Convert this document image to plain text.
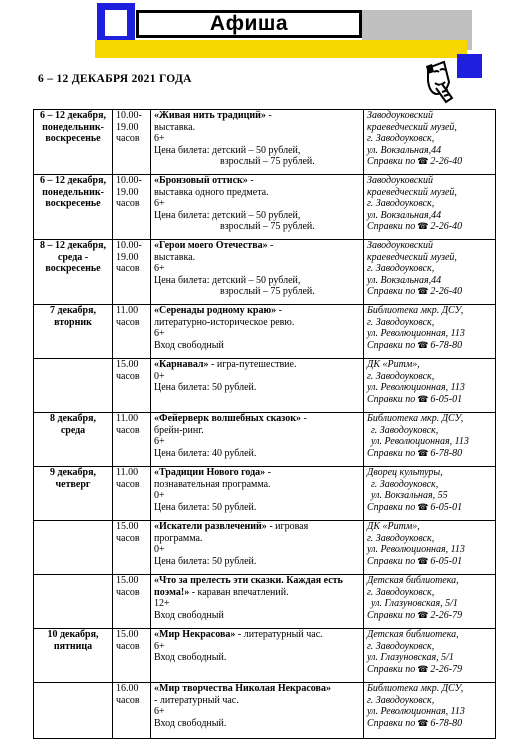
Афиша
6 – 12 ДЕКАБРЯ 2021 ГОДА
6 – 12 декабря, понедельник-воскресенье	10.00-
19.00
часов	«Живая нить традиций» -
выставка.
6+
Цена билета: детский – 50 рублей,
взрослый – 75 рублей.	Заводоуковский
краеведческий музей,
г. Заводоуковск,
ул. Вокзальная,44
Справки по ☎ 2-26-40

6 – 12 декабря, понедельник-воскресенье	10.00-
19.00
часов	«Бронзовый оттиск» -
выставка одного предмета.
6+
Цена билета: детский – 50 рублей,
взрослый – 75 рублей.	Заводоуковский
краеведческий музей,
г. Заводоуковск,
ул. Вокзальная,44
Справки по ☎ 2-26-40

8 – 12 декабря, среда - воскресенье	10.00-
19.00
часов	«Герои моего Отечества» -
выставка.
6+
Цена билета: детский – 50 рублей,
взрослый – 75 рублей.	Заводоуковский
краеведческий музей,
г. Заводоуковск,
ул. Вокзальная,44
Справки по ☎ 2-26-40

7 декабря, вторник	11.00
часов	«Серенады родному краю» -
литературно-историческое ревю.
6+
Вход свободный	Библиотека мкр. ДСУ,
г. Заводоуковск,
ул. Революционная, 113
Справки по ☎ 6-78-80

	15.00
часов	«Карнавал» - игра-путешествие.
0+
Цена билета: 50 рублей.	ДК «Ритм»,
г. Заводоуковск,
ул. Революционная, 113
Справки по ☎ 6-05-01

8 декабря, среда	11.00
часов	«Фейерверк волшебных сказок» -
брейн-ринг.
6+
Цена билета: 40 рублей.	Библиотека мкр. ДСУ,
г. Заводоуковск,
ул. Революционная, 113
Справки по ☎ 6-78-80

9 декабря, четверг	11.00
часов	«Традиции Нового года» -
познавательная программа.
0+
Цена билета: 50 рублей.	Дворец культуры,
г. Заводоуковск,
ул. Вокзальная, 55
Справки по ☎ 6-05-01

	15.00
часов	«Искатели развлечений» - игровая
программа.
0+
Цена билета: 50 рублей.	ДК «Ритм»,
г. Заводоуковск,
ул. Революционная, 113
Справки по ☎ 6-05-01

	15.00
часов	«Что за прелесть эти сказки. Каждая есть поэма!» - караван впечатлений.
12+
Вход свободный	Детская библиотека,
г. Заводоуковск,
ул. Глазуновская, 5/1
Справки по ☎ 2-26-79

10 декабря, пятница	15.00
часов	«Мир Некрасова» - литературный час.
6+
Вход свободный.	Детская библиотека,
г. Заводоуковск,
ул. Глазуновская, 5/1
Справки по ☎ 2-26-79

	16.00
часов	«Мир творчества Николая Некрасова»
- литературный час.
6+
Вход свободный.	Библиотека мкр. ДСУ,
г. Заводоуковск,
ул. Революционная, 113
Справки по ☎ 6-78-80
